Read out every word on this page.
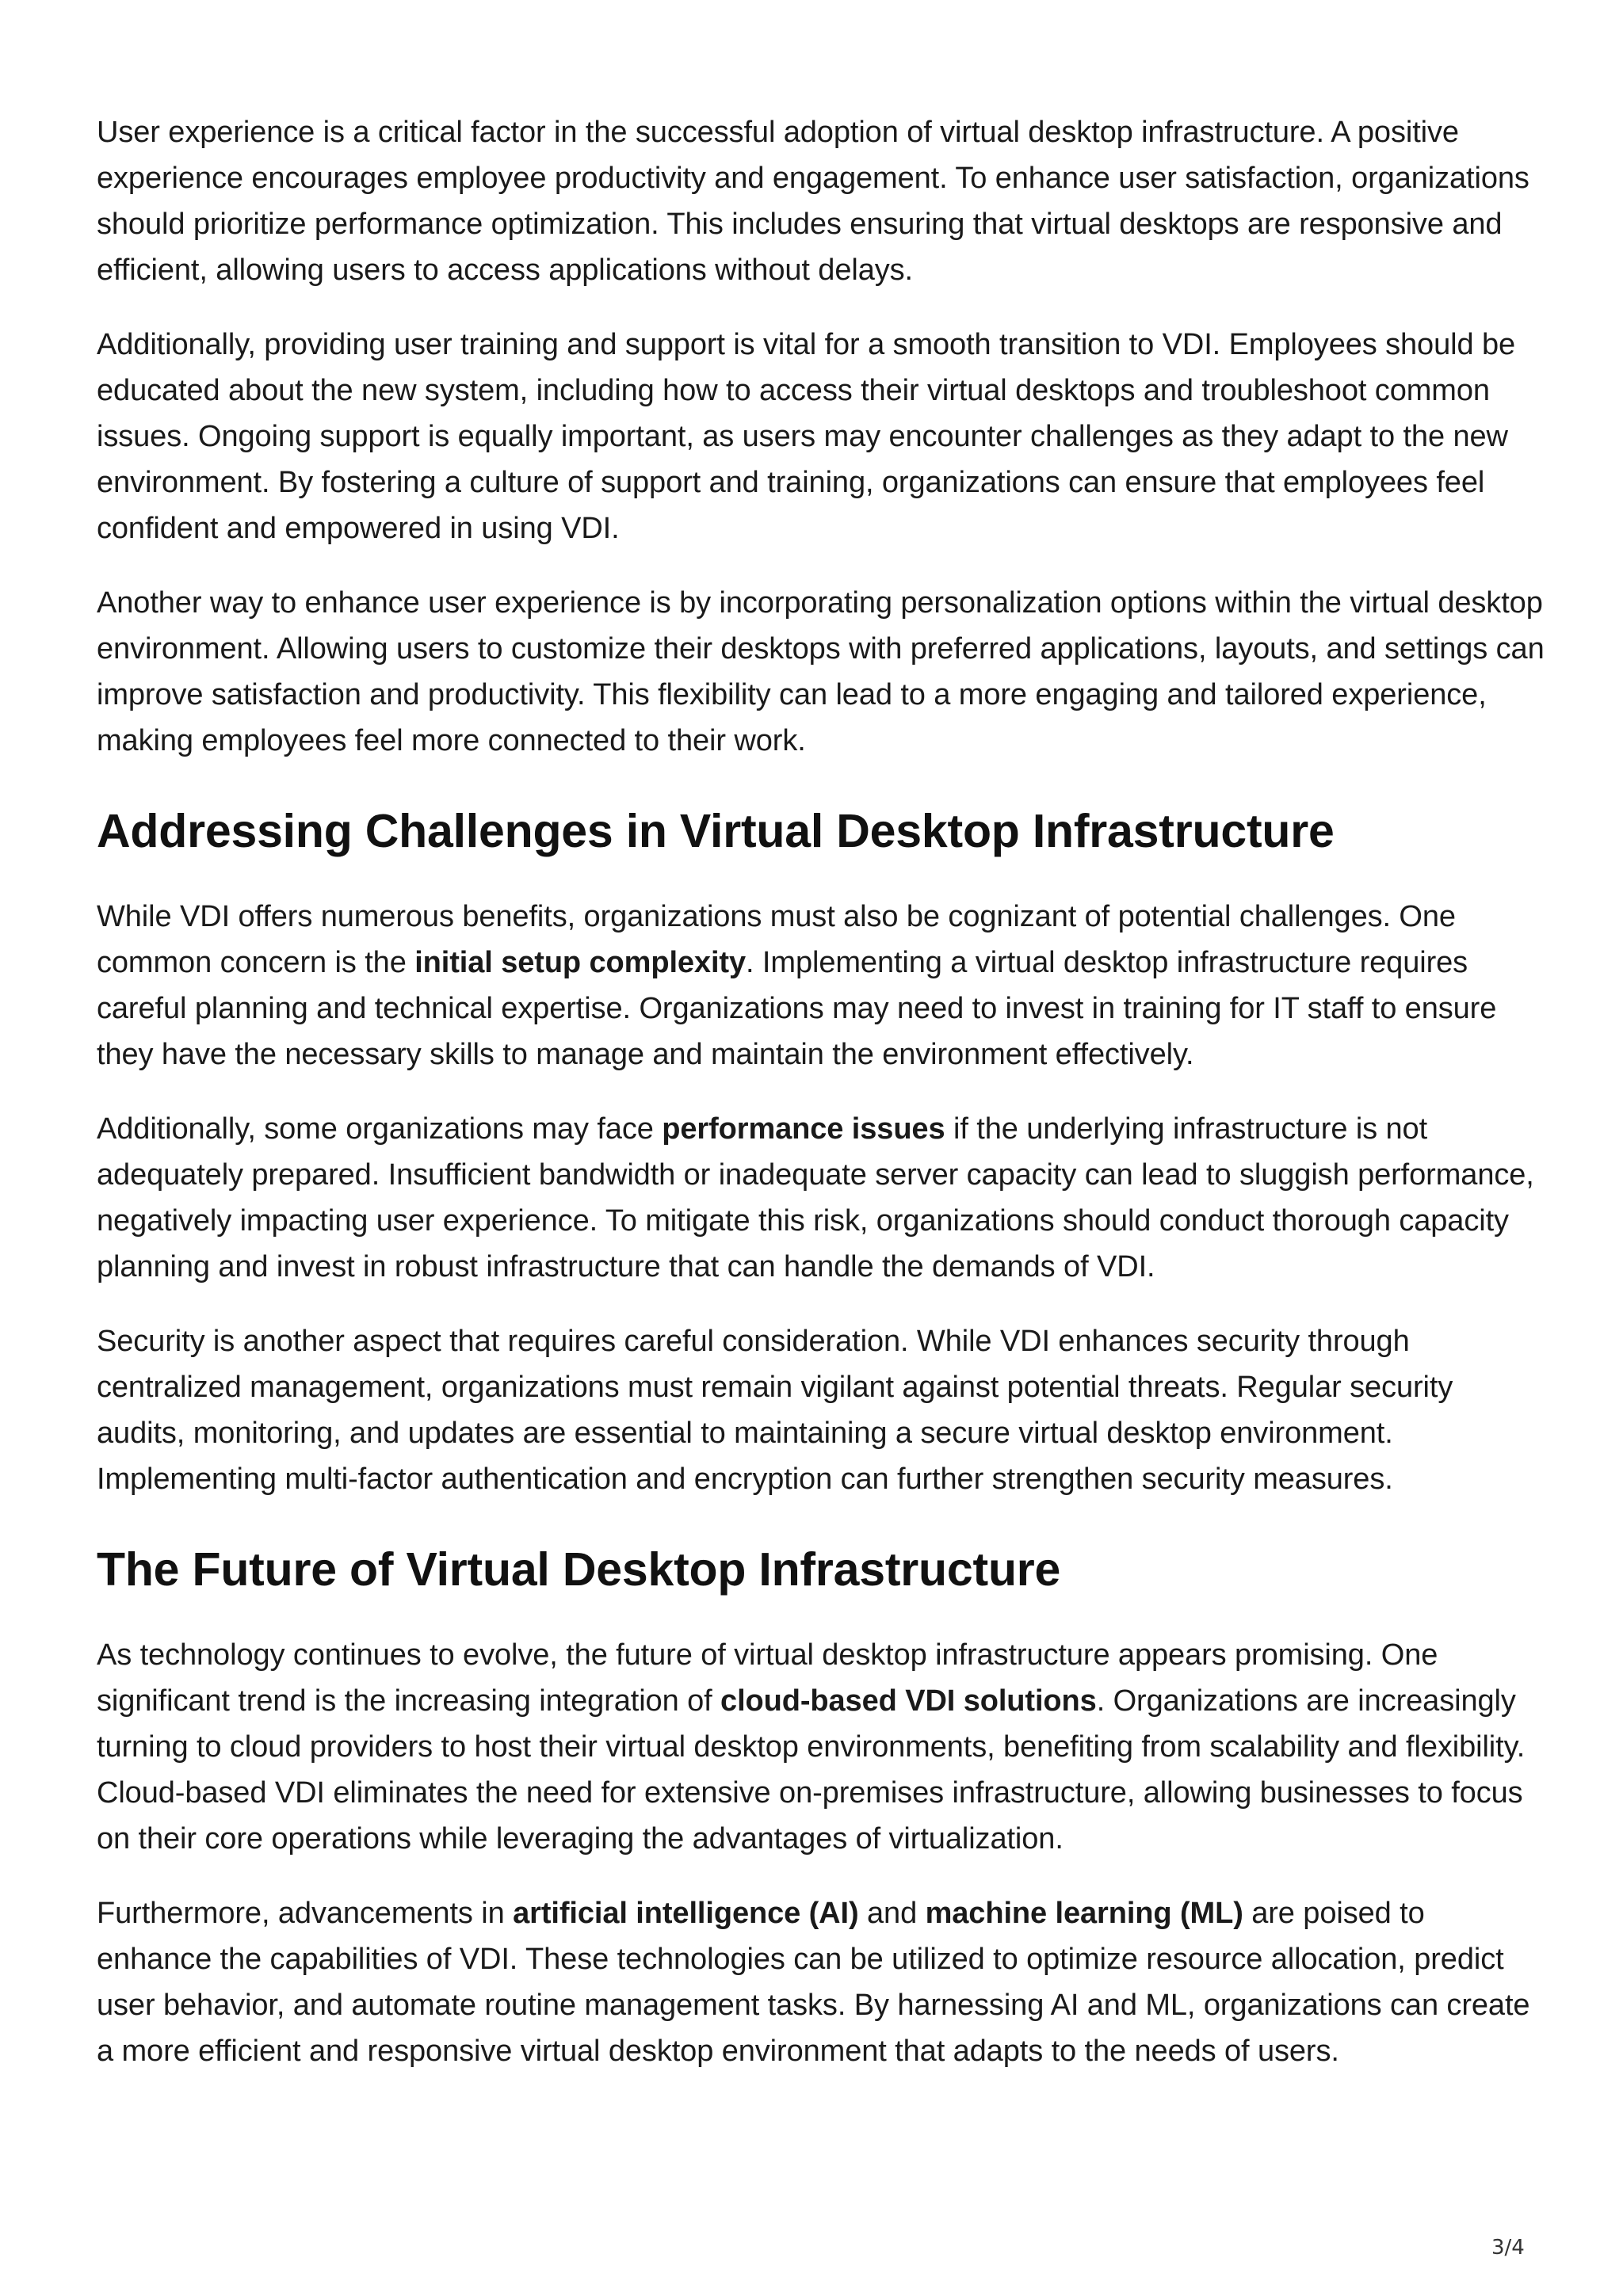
User experience is a critical factor in the successful adoption of virtual desktop infrastructure. A positive experience encourages employee productivity and engagement. To enhance user satisfaction, organizations should prioritize performance optimization. This includes ensuring that virtual desktops are responsive and efficient, allowing users to access applications without delays.

Additionally, providing user training and support is vital for a smooth transition to VDI. Employees should be educated about the new system, including how to access their virtual desktops and troubleshoot common issues. Ongoing support is equally important, as users may encounter challenges as they adapt to the new environment. By fostering a culture of support and training, organizations can ensure that employees feel confident and empowered in using VDI.

Another way to enhance user experience is by incorporating personalization options within the virtual desktop environment. Allowing users to customize their desktops with preferred applications, layouts, and settings can improve satisfaction and productivity. This flexibility can lead to a more engaging and tailored experience, making employees feel more connected to their work.

Addressing Challenges in Virtual Desktop Infrastructure

While VDI offers numerous benefits, organizations must also be cognizant of potential challenges. One common concern is the initial setup complexity. Implementing a virtual desktop infrastructure requires careful planning and technical expertise. Organizations may need to invest in training for IT staff to ensure they have the necessary skills to manage and maintain the environment effectively.

Additionally, some organizations may face performance issues if the underlying infrastructure is not adequately prepared. Insufficient bandwidth or inadequate server capacity can lead to sluggish performance, negatively impacting user experience. To mitigate this risk, organizations should conduct thorough capacity planning and invest in robust infrastructure that can handle the demands of VDI.

Security is another aspect that requires careful consideration. While VDI enhances security through centralized management, organizations must remain vigilant against potential threats. Regular security audits, monitoring, and updates are essential to maintaining a secure virtual desktop environment. Implementing multi-factor authentication and encryption can further strengthen security measures.

The Future of Virtual Desktop Infrastructure

As technology continues to evolve, the future of virtual desktop infrastructure appears promising. One significant trend is the increasing integration of cloud-based VDI solutions. Organizations are increasingly turning to cloud providers to host their virtual desktop environments, benefiting from scalability and flexibility. Cloud-based VDI eliminates the need for extensive on-premises infrastructure, allowing businesses to focus on their core operations while leveraging the advantages of virtualization.

Furthermore, advancements in artificial intelligence (AI) and machine learning (ML) are poised to enhance the capabilities of VDI. These technologies can be utilized to optimize resource allocation, predict user behavior, and automate routine management tasks. By harnessing AI and ML, organizations can create a more efficient and responsive virtual desktop environment that adapts to the needs of users.

3/4
